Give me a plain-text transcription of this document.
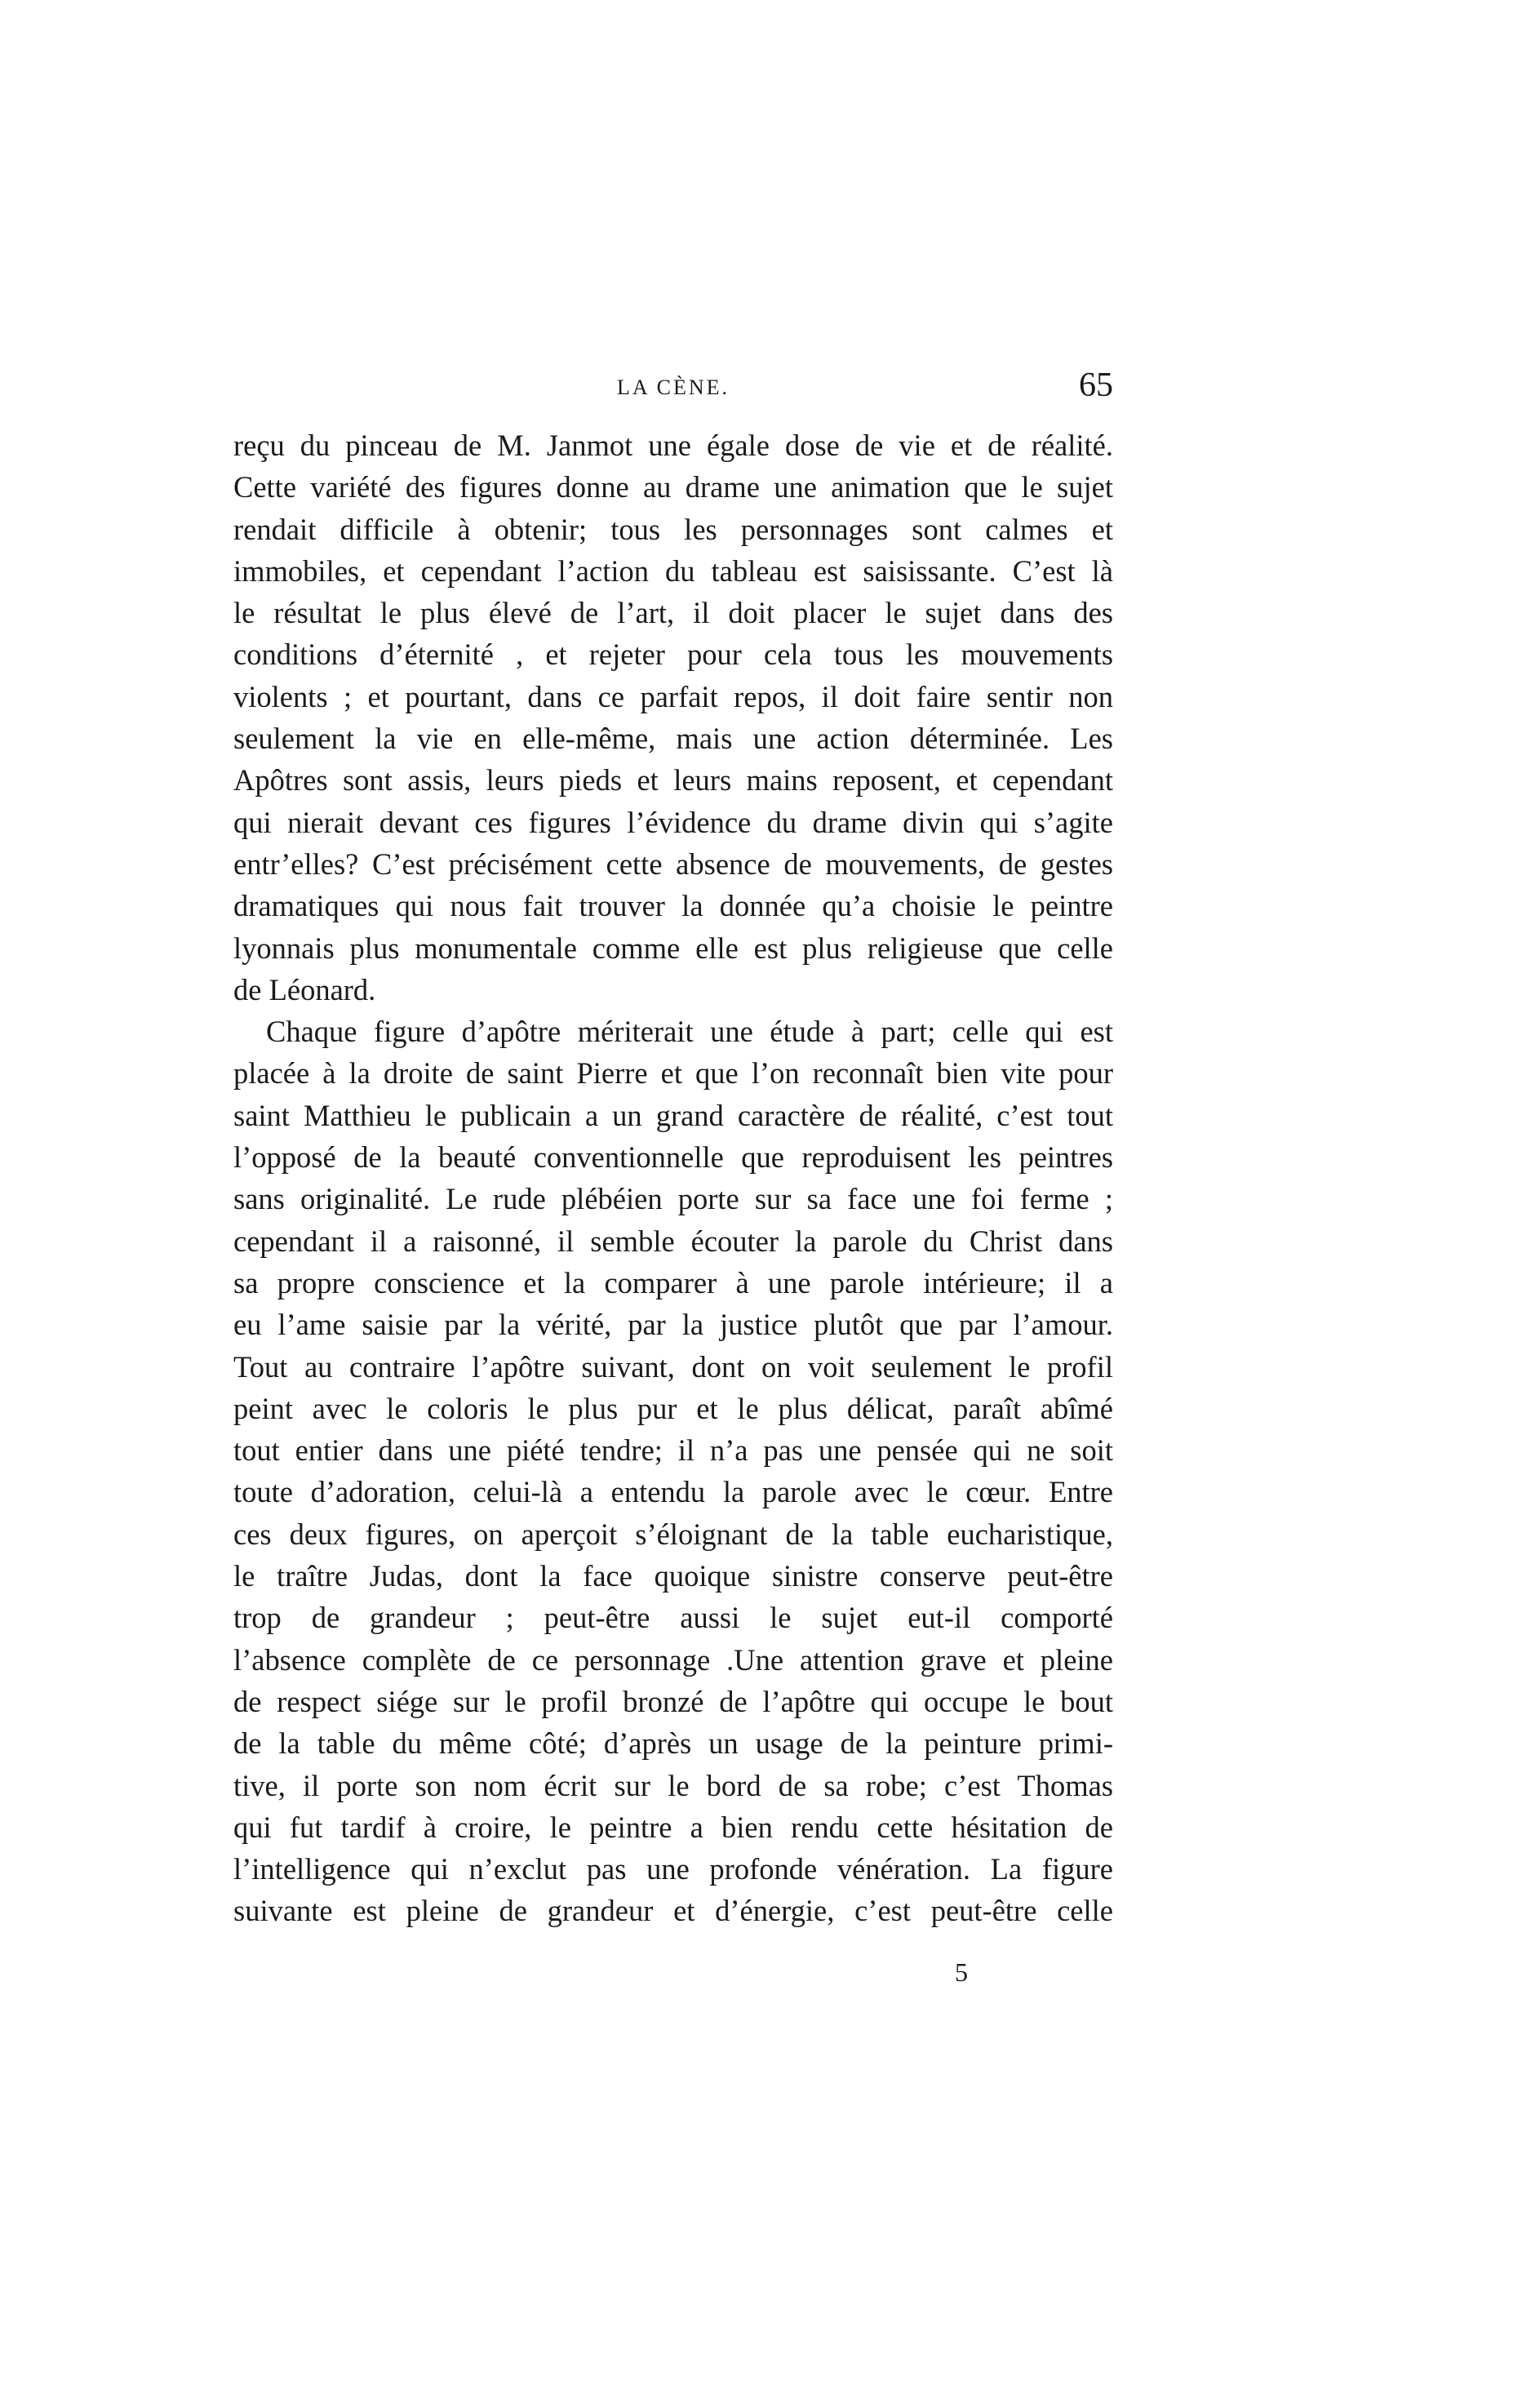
LA CÈNE.	65
reçu du pinceau de M. Janmot une égale dose de vie et de réalité.
Cette variété des figures donne au drame une animation que le sujet
rendait difficile à obtenir; tous les personnages sont calmes et
immobiles, et cependant l’action du tableau est saisissante. C’est là
le résultat le plus élevé de l’art, il doit placer le sujet dans des
conditions d’éternité , et rejeter pour cela tous les mouvements
violents ; et pourtant, dans ce parfait repos, il doit faire sentir non
seulement la vie en elle-même, mais une action déterminée. Les
Apôtres sont assis, leurs pieds et leurs mains reposent, et cependant
qui nierait devant ces figures l’évidence du drame divin qui s’agite
entr’elles? C’est précisément cette absence de mouvements, de gestes
dramatiques qui nous fait trouver la donnée qu’a choisie le peintre
lyonnais plus monumentale comme elle est plus religieuse que celle
de Léonard.
Chaque figure d’apôtre mériterait une étude à part; celle qui est
placée à la droite de saint Pierre et que l’on reconnaît bien vite pour
saint Matthieu le publicain a un grand caractère de réalité, c’est tout
l’opposé de la beauté conventionnelle que reproduisent les peintres
sans originalité. Le rude plébéien porte sur sa face une foi ferme ;
cependant il a raisonné, il semble écouter la parole du Christ dans
sa propre conscience et la comparer à une parole intérieure; il a
eu l’ame saisie par la vérité, par la justice plutôt que par l’amour.
Tout au contraire l’apôtre suivant, dont on voit seulement le profil
peint avec le coloris le plus pur et le plus délicat, paraît abîmé
tout entier dans une piété tendre; il n’a pas une pensée qui ne soit
toute d’adoration, celui-là a entendu la parole avec le cœur. Entre
ces deux figures, on aperçoit s’éloignant de la table eucharistique,
le traître Judas, dont la face quoique sinistre conserve peut-être
trop de grandeur ; peut-être aussi le sujet eut-il comporté
l’absence complète de ce personnage .Une attention grave et pleine
de respect siége sur le profil bronzé de l’apôtre qui occupe le bout
de la table du même côté; d’après un usage de la peinture primi-
tive, il porte son nom écrit sur le bord de sa robe; c’est Thomas
qui fut tardif à croire, le peintre a bien rendu cette hésitation de
l’intelligence qui n’exclut pas une profonde vénération. La figure
suivante est pleine de grandeur et d’énergie, c’est peut-être celle
5
